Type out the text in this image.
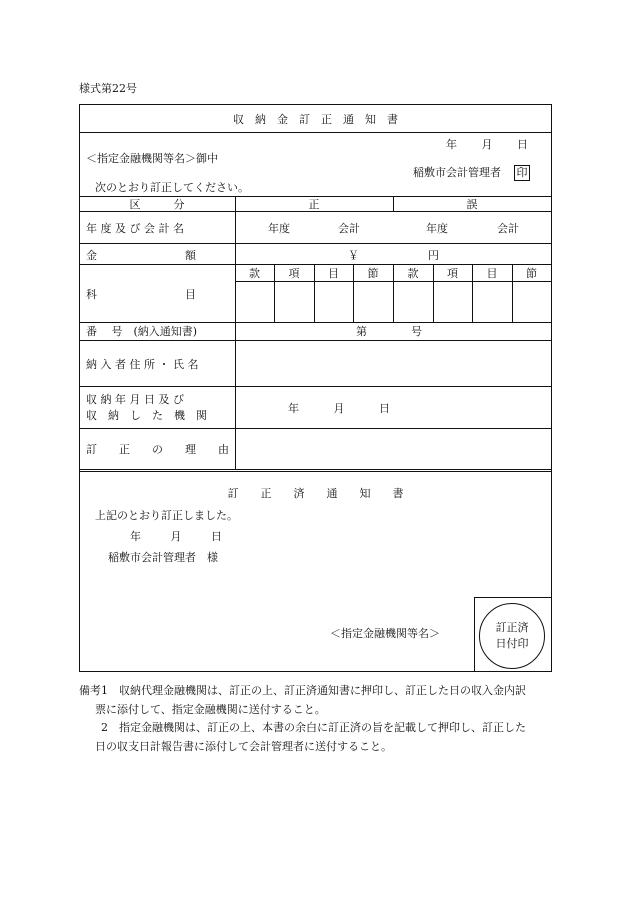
様式第22号
収　納　金　訂　正　通　知　書
年 月 日
＜指定金融機関等名＞御中
稲敷市会計管理者 印
次のとおり訂正してください。
区　　　分	正	誤
年 度 及 び 会 計 名	年度	会計	年度	会計
金　　　　　　　　額	￥	円
款	項	目	節	款	項	目	節
科　　　　　　　　目
番　 号　(納入通知書)	第　　　　号
納 入 者 住 所 ・ 氏 名
収 納 年 月 日 及 び
収　納　し　た　機　関
年	月	日
訂　　正　　の　　理　　由
訂　　正　　済　　通　　知　　書
上記のとおり訂正しました。
年	月	日
稲敷市会計管理者　様
＜指定金融機関等名＞	訂正済
日付印
備考1　収納代理金融機関は、訂正の上、訂正済通知書に押印し、訂正した日の収入金内訳
票に添付して、指定金融機関に送付すること。
2　指定金融機関は、訂正の上、本書の余白に訂正済の旨を記載して押印し、訂正した
日の収支日計報告書に添付して会計管理者に送付すること。
